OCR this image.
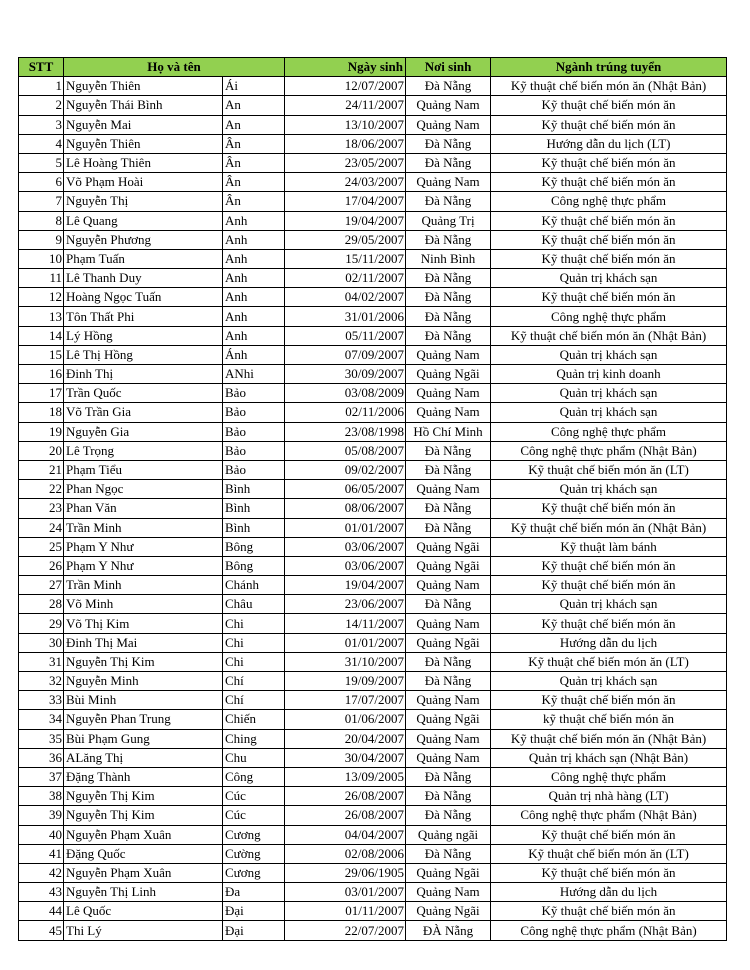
STT	Họ và tên		Ngày sinh	Nơi sinh	Ngành trúng tuyển
1	Nguyễn Thiên	Ái	12/07/2007	Đà Nẵng	Kỹ thuật chế biến món ăn (Nhật Bản)
2	Nguyễn Thái Bình	An	24/11/2007	Quảng Nam	Kỹ thuật chế biến món ăn
3	Nguyễn Mai	An	13/10/2007	Quảng Nam	Kỹ thuật chế biến món ăn
4	Nguyễn Thiên	Ân	18/06/2007	Đà Nẵng	Hướng dẫn du lịch (LT)
5	Lê Hoàng Thiên	Ân	23/05/2007	Đà Nẵng	Kỹ thuật chế biến món ăn
6	Võ Phạm Hoài	Ân	24/03/2007	Quảng Nam	Kỹ thuật chế biến món ăn
7	Nguyễn Thị	Ân	17/04/2007	Đà Nẵng	Công nghệ thực phẩm
8	Lê Quang	Anh	19/04/2007	Quảng Trị	Kỹ thuật chế biến món ăn
9	Nguyễn Phương	Anh	29/05/2007	Đà Nẵng	Kỹ thuật chế biến món ăn
10	Phạm Tuấn	Anh	15/11/2007	Ninh Bình	Kỹ thuật chế biến món ăn
11	Lê Thanh Duy	Anh	02/11/2007	Đà Nẵng	Quản trị khách sạn
12	Hoàng Ngọc Tuấn	Anh	04/02/2007	Đà Nẵng	Kỹ thuật chế biến món ăn
13	Tôn Thất Phi	Anh	31/01/2006	Đà Nẵng	Công nghệ thực phẩm
14	Lý Hồng	Anh	05/11/2007	Đà Nẵng	Kỹ thuật chế biến món ăn (Nhật Bản)
15	Lê Thị Hồng	Ánh	07/09/2007	Quảng Nam	Quản trị khách sạn
16	Đinh Thị	ANhi	30/09/2007	Quảng Ngãi	Quản trị kinh doanh
17	Trần Quốc	Bảo	03/08/2009	Quảng Nam	Quản trị khách sạn
18	Võ Trần Gia	Bảo	02/11/2006	Quảng Nam	Quản trị khách sạn
19	Nguyễn Gia	Bảo	23/08/1998	Hồ Chí Minh	Công nghệ thực phẩm
20	Lê Trọng	Bảo	05/08/2007	Đà Nẵng	Công nghệ thực phẩm (Nhật Bản)
21	Phạm Tiểu	Bảo	09/02/2007	Đà Nẵng	Kỹ thuật chế biến món ăn (LT)
22	Phan Ngọc	Bình	06/05/2007	Quảng Nam	Quản trị khách sạn
23	Phan Văn	Bình	08/06/2007	Đà Nẵng	Kỹ thuật chế biến món ăn
24	Trần Minh	Bình	01/01/2007	Đà Nẵng	Kỹ thuật chế biến món ăn (Nhật Bản)
25	Phạm Y Như	Bông	03/06/2007	Quảng Ngãi	Kỹ thuật làm bánh
26	Phạm Y Như	Bông	03/06/2007	Quảng Ngãi	Kỹ thuật chế biến món ăn
27	Trần Minh	Chánh	19/04/2007	Quảng Nam	Kỹ thuật chế biến món ăn
28	Võ Minh	Châu	23/06/2007	Đà Nẵng	Quản trị khách sạn
29	Võ Thị Kim	Chi	14/11/2007	Quảng Nam	Kỹ thuật chế biến món ăn
30	Đinh Thị Mai	Chi	01/01/2007	Quảng Ngãi	Hướng dẫn du lịch
31	Nguyễn Thị Kim	Chi	31/10/2007	Đà Nẵng	Kỹ thuật chế biến món ăn (LT)
32	Nguyễn Minh	Chí	19/09/2007	Đà Nẵng	Quản trị khách sạn
33	Bùi Minh	Chí	17/07/2007	Quảng Nam	Kỹ thuật chế biến món ăn
34	Nguyễn Phan Trung	Chiến	01/06/2007	Quảng Ngãi	kỹ thuật chế biến món ăn
35	Bùi Phạm Gung	Ching	20/04/2007	Quảng Nam	Kỹ thuật chế biến món ăn (Nhật Bản)
36	ALăng Thị	Chu	30/04/2007	Quảng Nam	Quản trị khách sạn (Nhật Bản)
37	Đặng Thành	Công	13/09/2005	Đà Nẵng	Công nghệ thực phẩm
38	Nguyễn Thị Kim	Cúc	26/08/2007	Đà Nẵng	Quản trị nhà hàng (LT)
39	Nguyễn Thị Kim	Cúc	26/08/2007	Đà Nẵng	Công nghệ thực phẩm (Nhật Bản)
40	Nguyễn Phạm Xuân	Cương	04/04/2007	Quảng ngãi	Kỹ thuật chế biến món ăn
41	Đặng Quốc	Cường	02/08/2006	Đà Nẵng	Kỹ thuật chế biến món ăn (LT)
42	Nguyễn Phạm Xuân	Cương	29/06/1905	Quảng Ngãi	Kỹ thuật chế biến món ăn
43	Nguyễn Thị Linh	Đa	03/01/2007	Quảng Nam	Hướng dẫn du lịch
44	Lê Quốc	Đại	01/11/2007	Quảng Ngãi	Kỹ thuật chế biến món ăn
45	Thi Lý	Đại	22/07/2007	ĐÀ Nẵng	Công nghệ thực phẩm (Nhật Bản)
